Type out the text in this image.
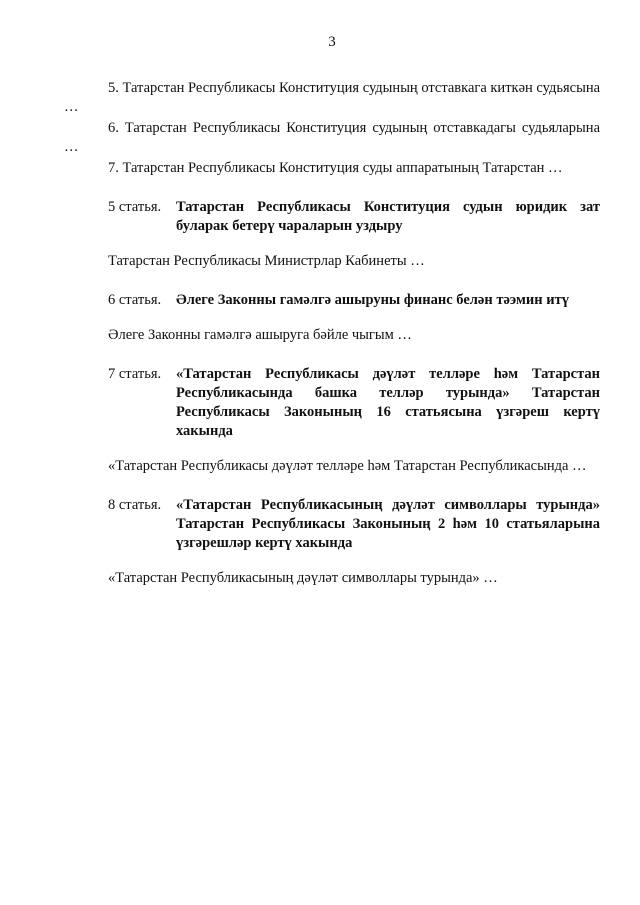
3

5. Татарстан Республикасы Конституция судының отставкага киткән судьясына …

6. Татарстан Республикасы Конституция судының отставкадагы судьяларына …

7. Татарстан Республикасы Конституция суды аппаратының Татарстан …

5 статья.	Татарстан Республикасы Конституция судын юридик зат буларак бетерү чараларын уздыру

Татарстан Республикасы Министрлар Кабинеты …

6 статья.	Әлеге Законны гамәлгә ашыруны финанс белән тәэмин итү

Әлеге Законны гамәлгә ашыруга бәйле чыгым …

7 статья.	«Татарстан Республикасы дәүләт телләре һәм Татарстан Республикасында башка телләр турында» Татарстан Республикасы Законының 16 статьясына үзгәреш кертү хакында

«Татарстан Республикасы дәүләт телләре һәм Татарстан Республикасында …

8 статья.	«Татарстан Республикасының дәүләт символлары турында» Татарстан Республикасы Законының 2 һәм 10 статьяларына үзгәрешләр кертү хакында

«Татарстан Республикасының дәүләт символлары турында» …
